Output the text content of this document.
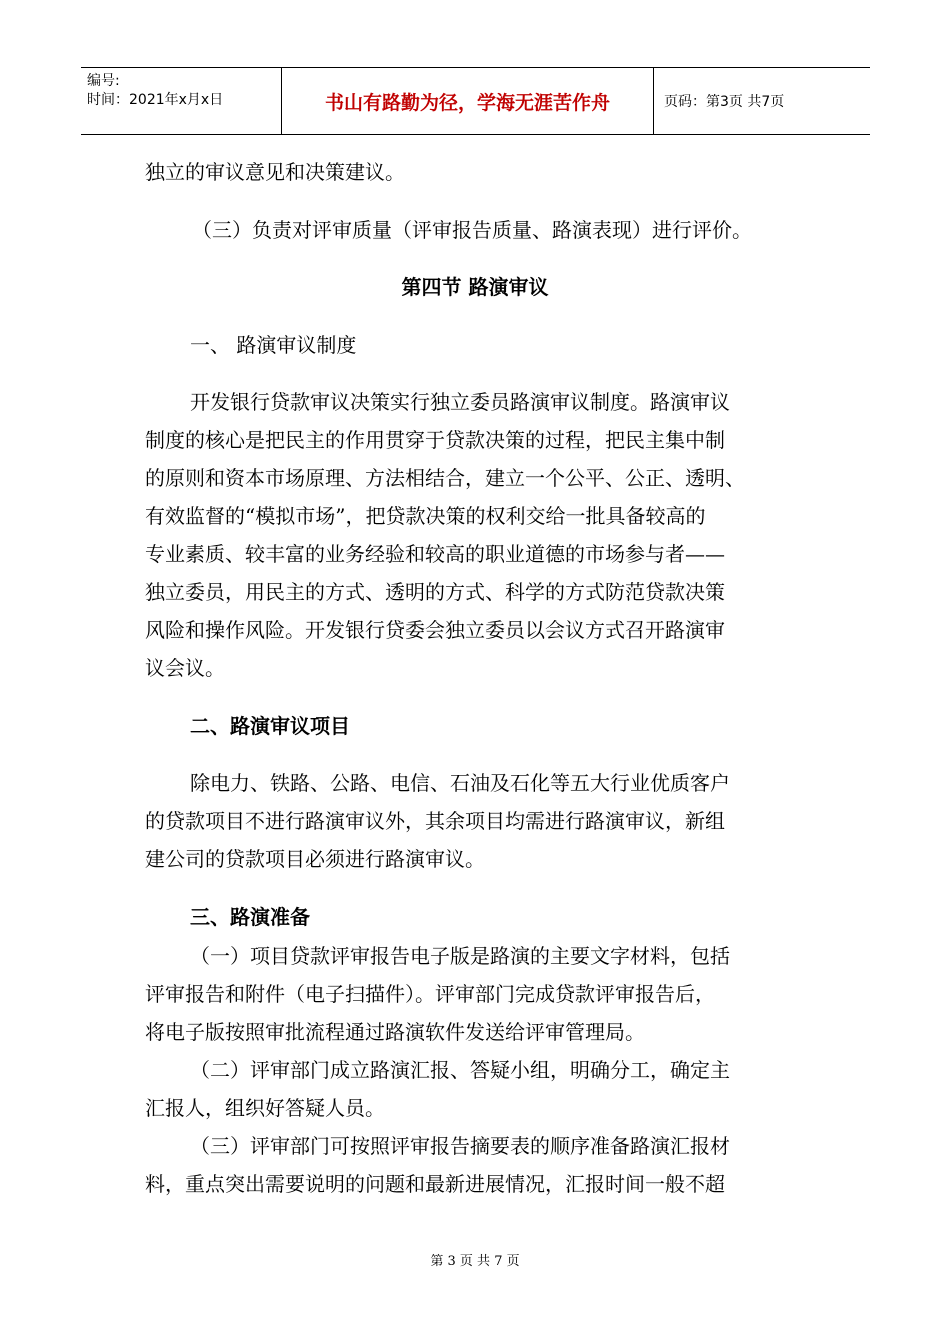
编号:
时间：2021年x月x日	书山有路勤为径，学海无涯苦作舟	页码：第3页 共7页
独立的审议意见和决策建议。
（三）负责对评审质量（评审报告质量、路演表现）进行评价。
第四节 路演审议
一、 路演审议制度
开发银行贷款审议决策实行独立委员路演审议制度。路演审议
制度的核心是把民主的作用贯穿于贷款决策的过程，把民主集中制
的原则和资本市场原理、方法相结合，建立一个公平、公正、透明、
有效监督的“模拟市场”，把贷款决策的权利交给一批具备较高的
专业素质、较丰富的业务经验和较高的职业道德的市场参与者——
独立委员，用民主的方式、透明的方式、科学的方式防范贷款决策
风险和操作风险。开发银行贷委会独立委员以会议方式召开路演审
议会议。
二、路演审议项目
除电力、铁路、公路、电信、石油及石化等五大行业优质客户
的贷款项目不进行路演审议外，其余项目均需进行路演审议，新组
建公司的贷款项目必须进行路演审议。
三、路演准备
（一）项目贷款评审报告电子版是路演的主要文字材料，包括
评审报告和附件（电子扫描件）。评审部门完成贷款评审报告后，
将电子版按照审批流程通过路演软件发送给评审管理局。
（二）评审部门成立路演汇报、答疑小组，明确分工，确定主
汇报人，组织好答疑人员。
（三）评审部门可按照评审报告摘要表的顺序准备路演汇报材
料，重点突出需要说明的问题和最新进展情况，汇报时间一般不超
第 3 页 共 7 页
